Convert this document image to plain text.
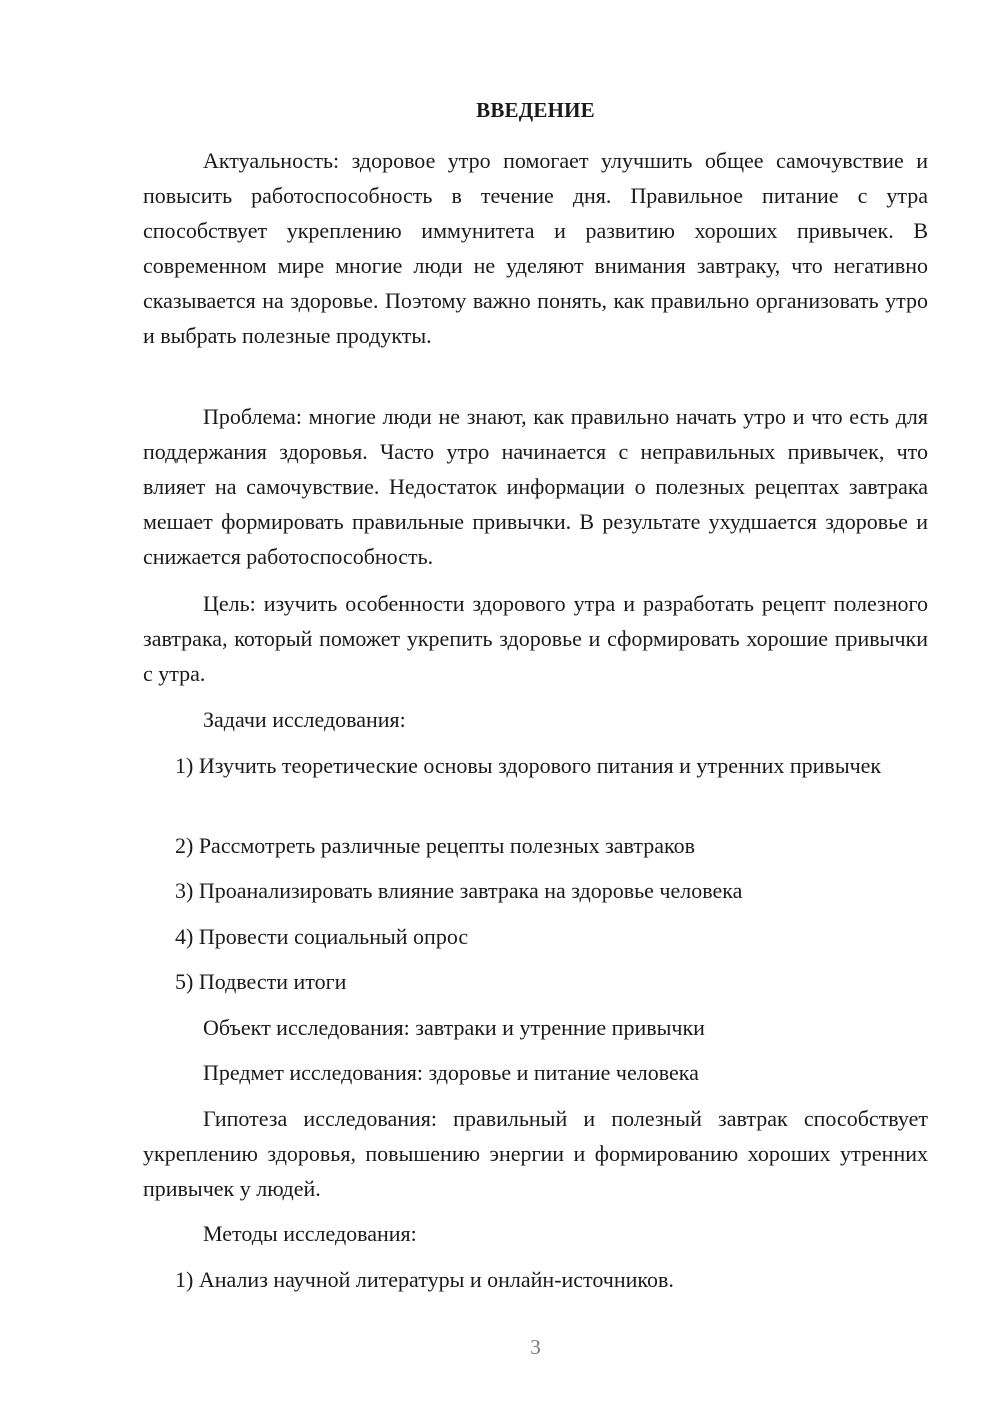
ВВЕДЕНИЕ

Актуальность: здоровое утро помогает улучшить общее самочувствие и повысить работоспособность в течение дня. Правильное питание с утра способствует укреплению иммунитета и развитию хороших привычек. В современном мире многие люди не уделяют внимания завтраку, что негативно сказывается на здоровье. Поэтому важно понять, как правильно организовать утро и выбрать полезные продукты.

Проблема: многие люди не знают, как правильно начать утро и что есть для поддержания здоровья. Часто утро начинается с неправильных привычек, что влияет на самочувствие. Недостаток информации о полезных рецептах завтрака мешает формировать правильные привычки. В результате ухудшается здоровье и снижается работоспособность.

Цель: изучить особенности здорового утра и разработать рецепт полезного завтрака, который поможет укрепить здоровье и сформировать хорошие привычки с утра.

Задачи исследования:

1) Изучить теоретические основы здорового питания и утренних привычек

2) Рассмотреть различные рецепты полезных завтраков

3) Проанализировать влияние завтрака на здоровье человека

4) Провести социальный опрос

5) Подвести итоги

Объект исследования: завтраки и утренние привычки

Предмет исследования: здоровье и питание человека

Гипотеза исследования: правильный и полезный завтрак способствует укреплению здоровья, повышению энергии и формированию хороших утренних привычек у людей.

Методы исследования:

1) Анализ научной литературы и онлайн-источников.

3
